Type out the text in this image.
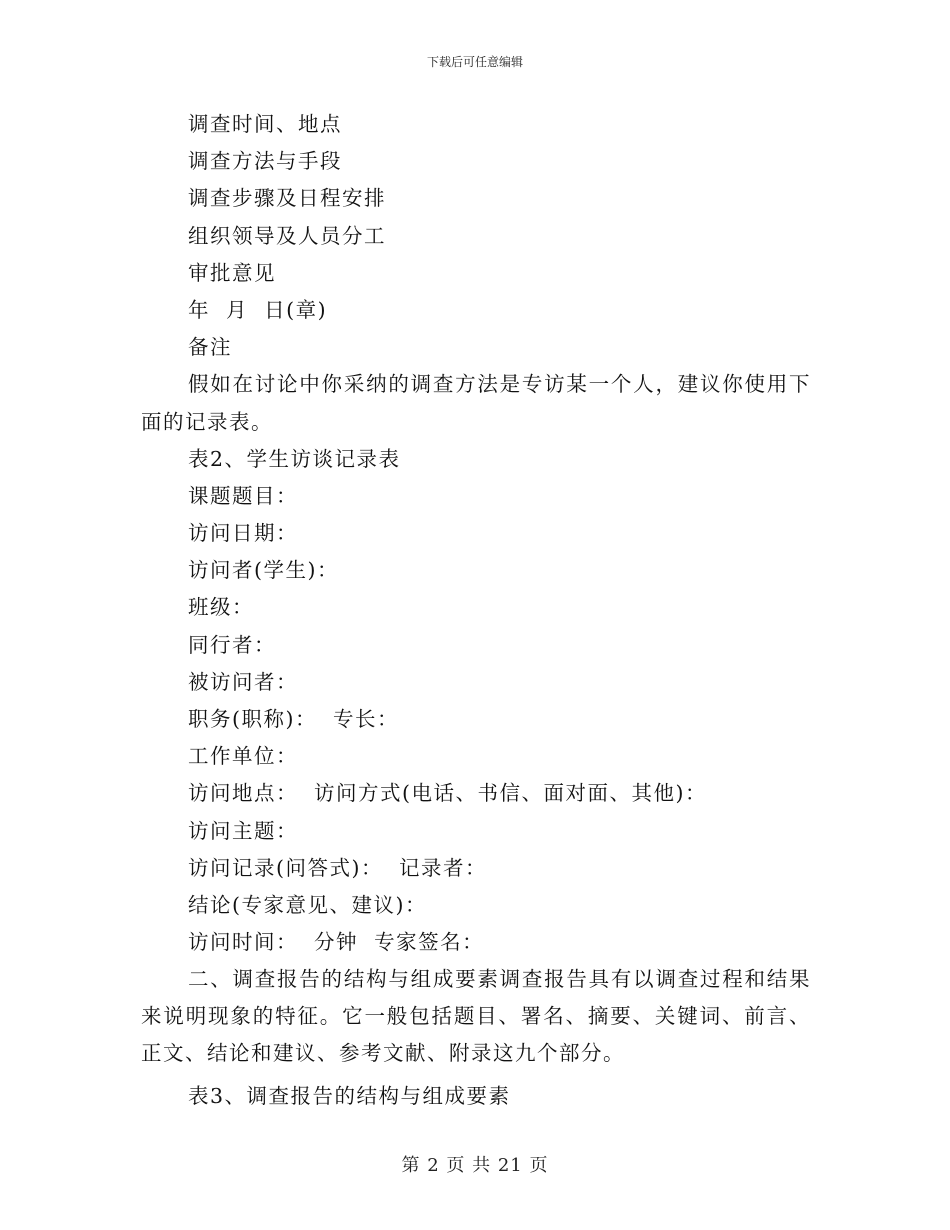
下载后可任意编辑
调查时间、地点
调查方法与手段
调查步骤及日程安排
组织领导及人员分工
审批意见
年  月  日(章)
备注

假如在讨论中你采纳的调查方法是专访某一个人，建议你使用下面的记录表。

表2、学生访谈记录表
课题题目：
访问日期：
访问者(学生)：
班级：
同行者：
被访问者：
职务(职称)：  专长：
工作单位：
访问地点：  访问方式(电话、书信、面对面、其他)：
访问主题：
访问记录(问答式)：  记录者：
结论(专家意见、建议)：
访问时间：  分钟  专家签名：

二、调查报告的结构与组成要素调查报告具有以调查过程和结果来说明现象的特征。它一般包括题目、署名、摘要、关键词、前言、正文、结论和建议、参考文献、附录这九个部分。

表3、调查报告的结构与组成要素
第 2 页 共 21 页
